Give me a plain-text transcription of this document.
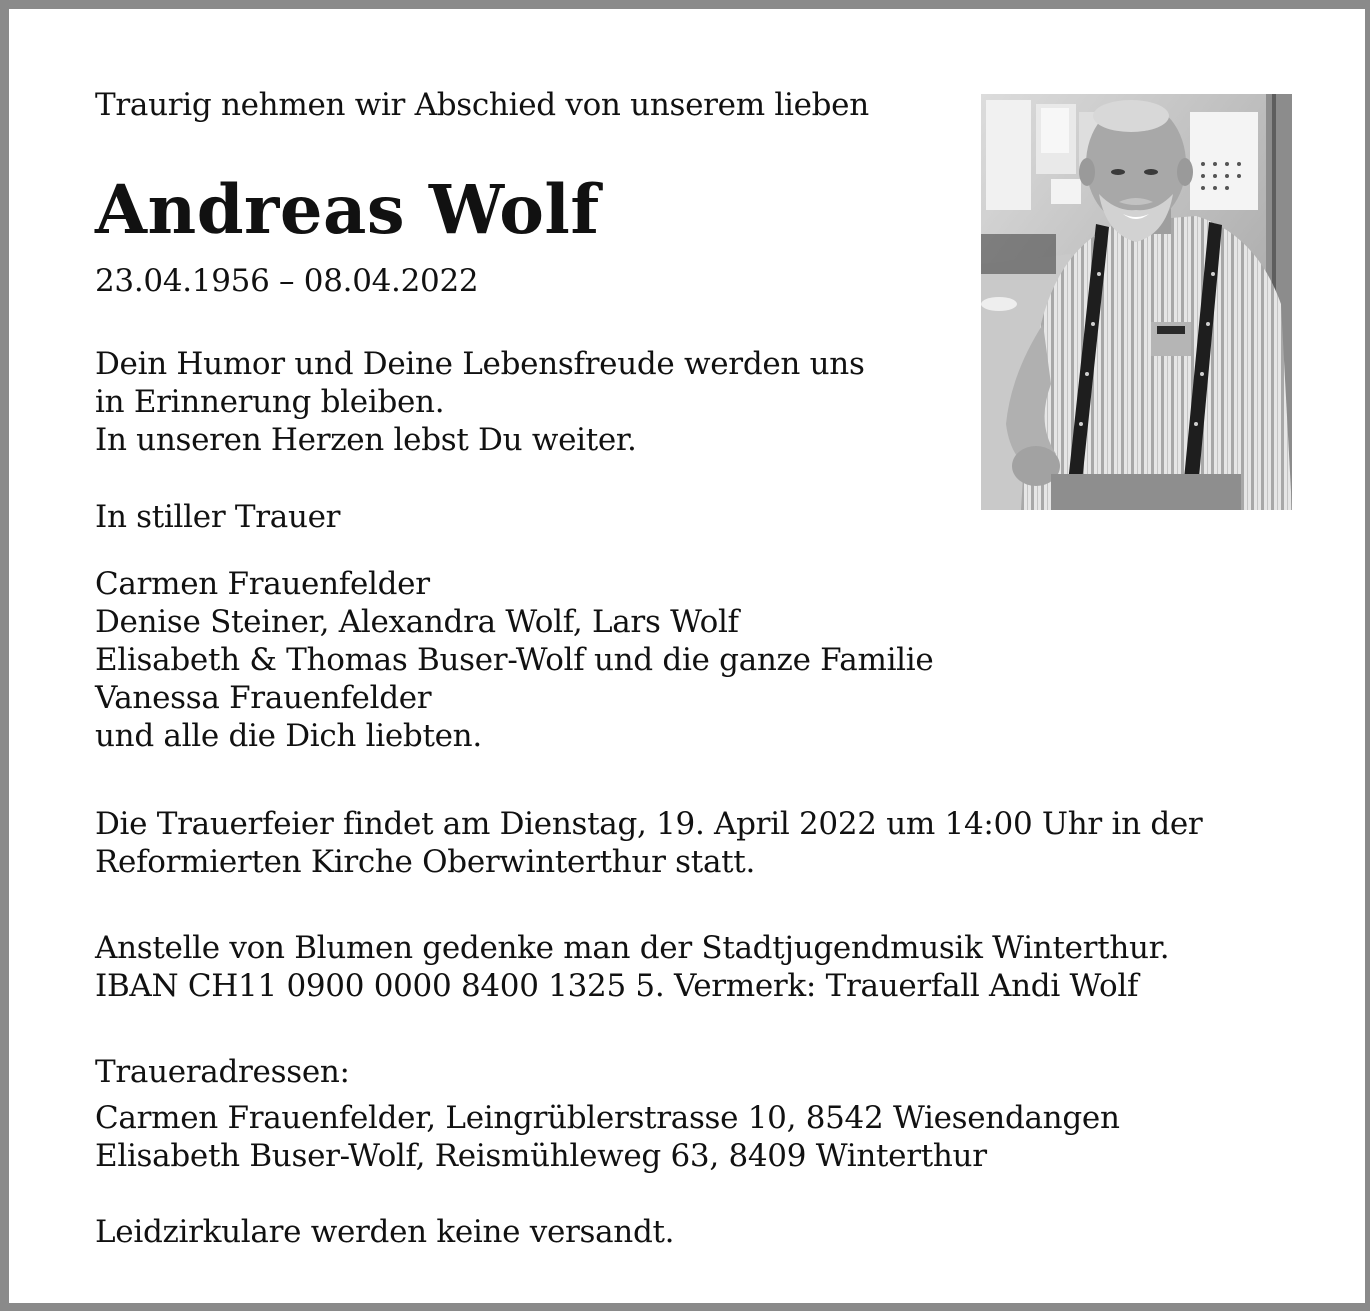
Traurig nehmen wir Abschied von unserem lieben

Andreas Wolf

23.04.1956 – 08.04.2022

Dein Humor und Deine Lebensfreude werden uns

in Erinnerung bleiben.

In unseren Herzen lebst Du weiter.

In stiller Trauer

Carmen Frauenfelder

Denise Steiner, Alexandra Wolf, Lars Wolf

Elisabeth & Thomas Buser-Wolf und die ganze Familie

Vanessa Frauenfelder

und alle die Dich liebten.

Die Trauerfeier findet am Dienstag, 19. April 2022 um 14:00 Uhr in der

Reformierten Kirche Oberwinterthur statt.

Anstelle von Blumen gedenke man der Stadtjugendmusik Winterthur.

IBAN CH11 0900 0000 8400 1325 5. Vermerk: Trauerfall Andi Wolf

Traueradressen:

Carmen Frauenfelder, Leingrüblerstrasse 10, 8542 Wiesendangen

Elisabeth Buser-Wolf, Reismühleweg 63, 8409 Winterthur

Leidzirkulare werden keine versandt.
